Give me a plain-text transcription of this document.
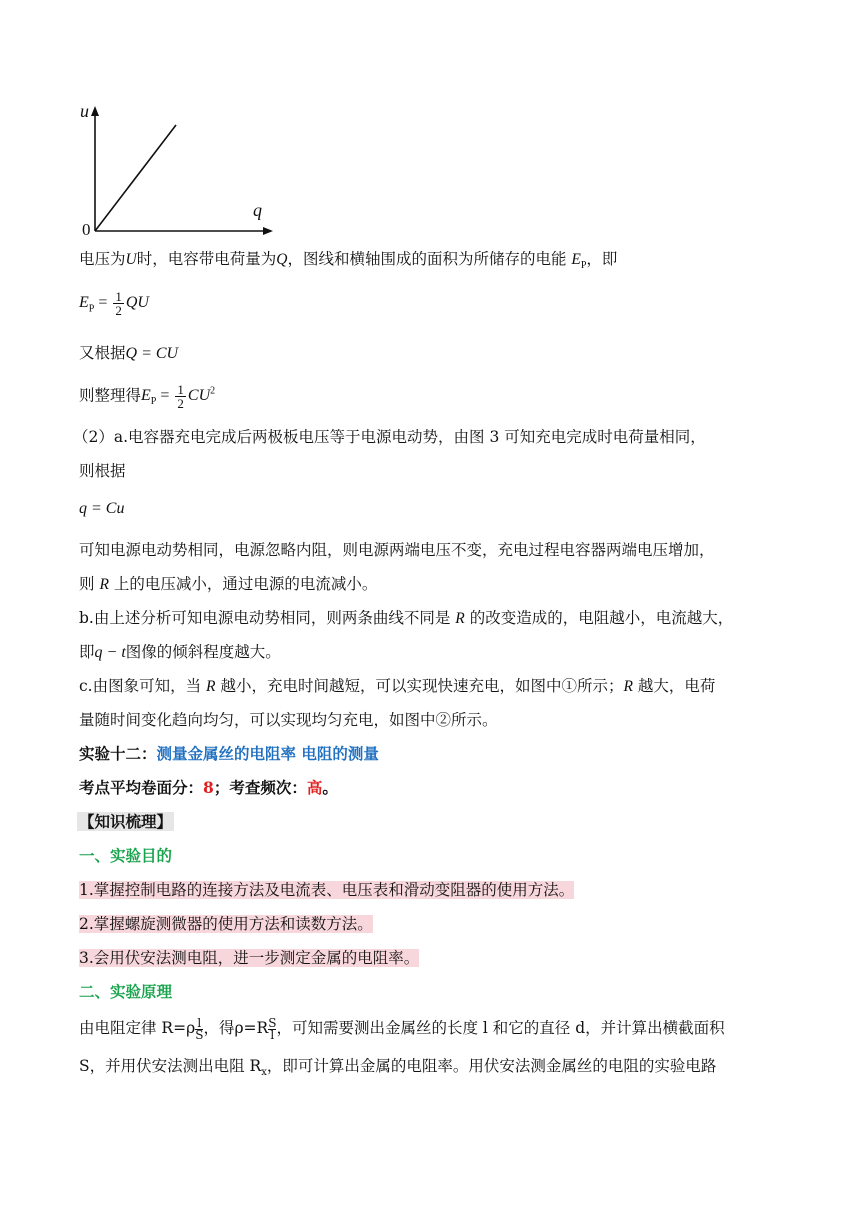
u
q
0
电压为U时，电容带电荷量为Q，图线和横轴围成的面积为所储存的电能 $E_P$，即
$E_P = \frac{1}{2}$ QU
又根据Q = CU
则整理得$E_P = \frac{1}{2} CU^2$
（2）a.电容器充电完成后两极板电压等于电源电动势，由图 3 可知充电完成时电荷量相同，
则根据
q = Cu
可知电源电动势相同，电源忽略内阻，则电源两端电压不变，充电过程电容器两端电压增加，
则 R 上的电压减小，通过电源的电流减小。
b.由上述分析可知电源电动势相同，则两条曲线不同是 R 的改变造成的，电阻越小，电流越大，
即q − t图像的倾斜程度越大。
c.由图象可知，当 R 越小，充电时间越短，可以实现快速充电，如图中①所示；R 越大，电荷
量随时间变化趋向均匀，可以实现均匀充电，如图中②所示。
实验十二：测量金属丝的电阻率 电阻的测量
考点平均卷面分：8；考查频次：高。
【知识梳理】
一、实验目的
1.掌握控制电路的连接方法及电流表、电压表和滑动变阻器的使用方法。
2.掌握螺旋测微器的使用方法和读数方法。
3.会用伏安法测电阻，进一步测定金属的电阻率。
二、实验原理
由电阻定律 $R=\rho \frac{l}{S}$ ，得$\rho=R \frac{S}{l}$ ，可知需要测出金属丝的长度 l 和它的直径 d，并计算出横截面积
S，并用伏安法测出电阻 $R_x$，即可计算出金属的电阻率。用伏安法测金属丝的电阻的实验电路
